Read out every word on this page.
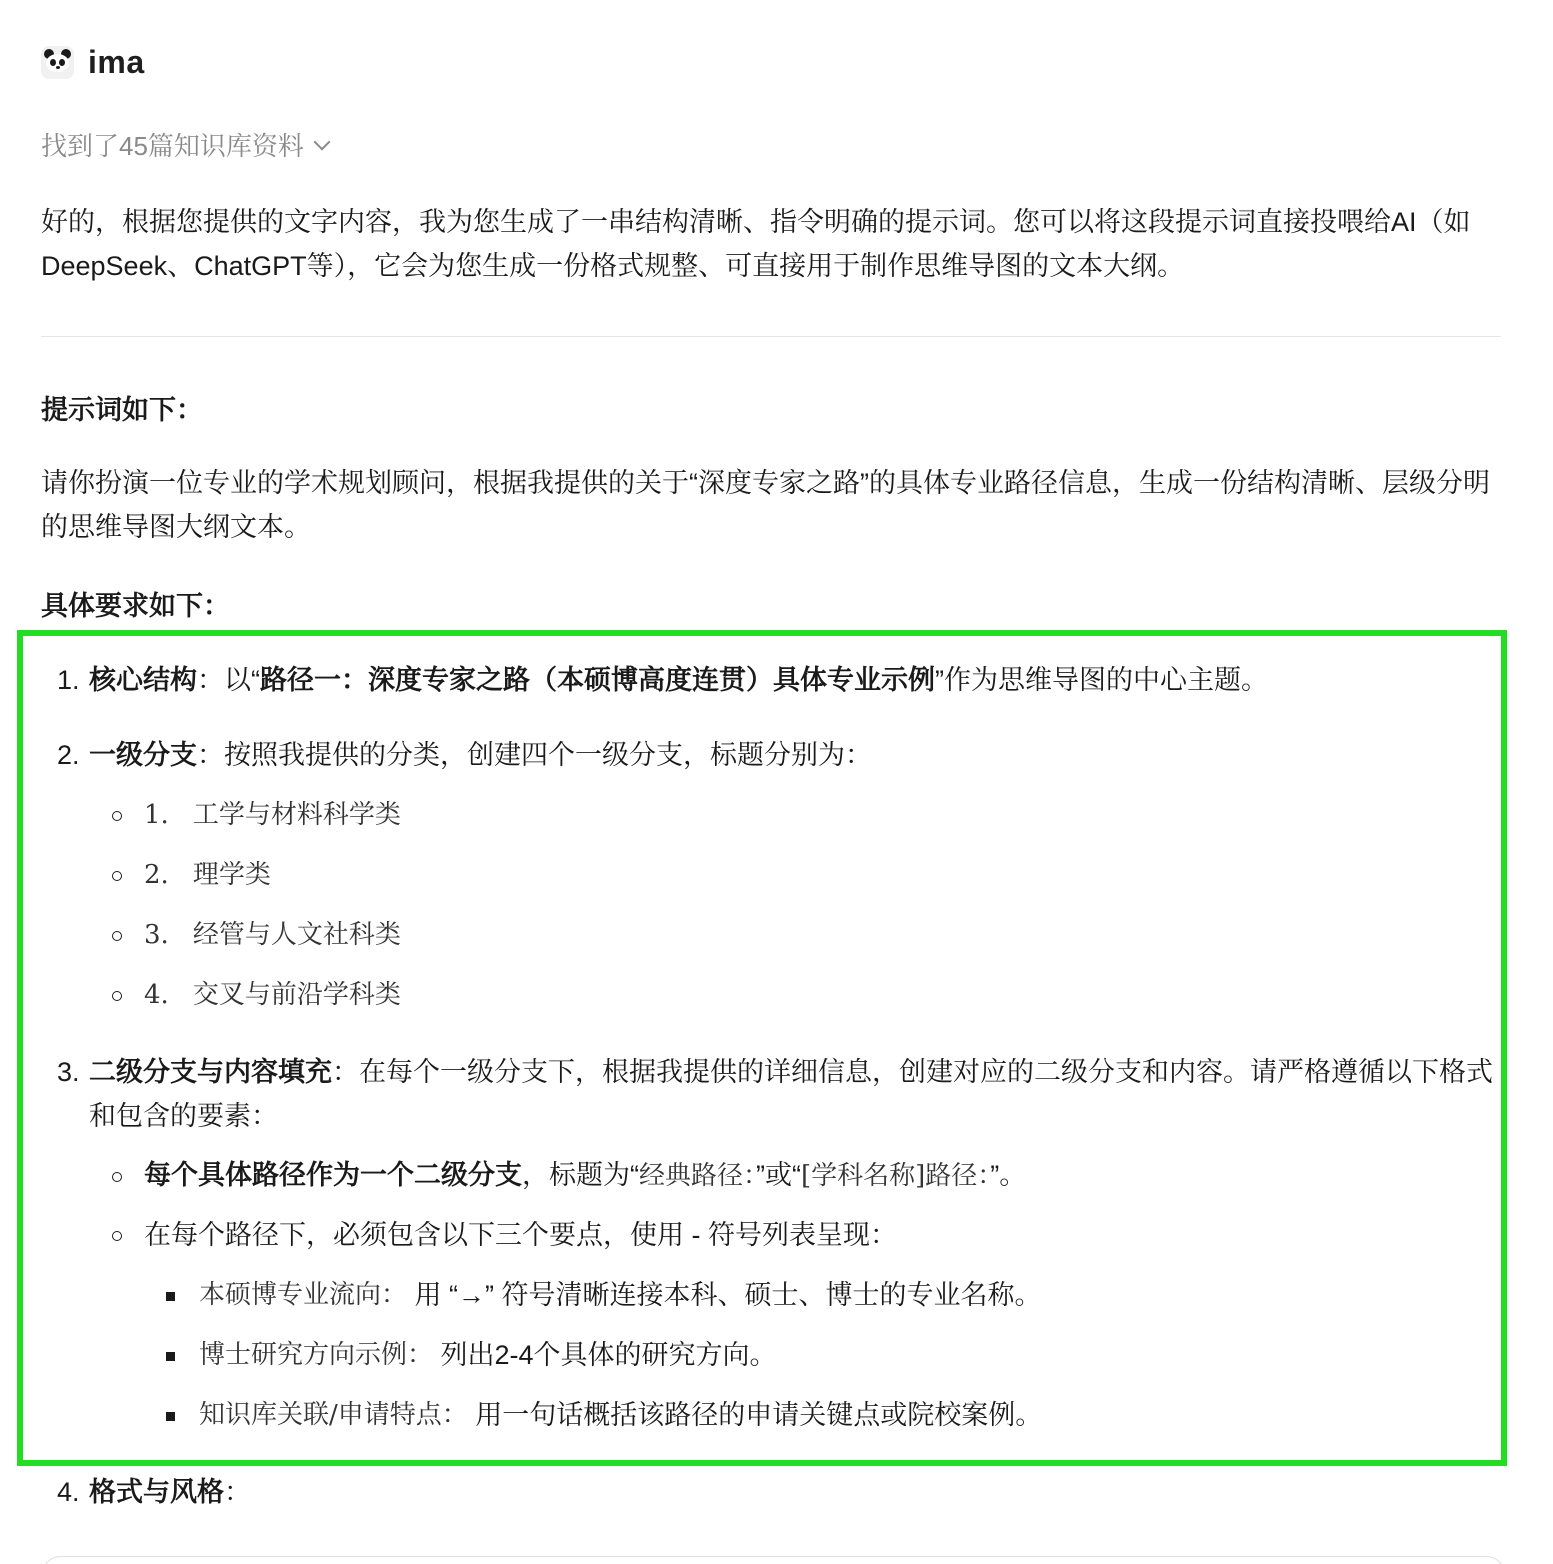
ima
找到了45篇知识库资料
好的，根据您提供的文字内容，我为您生成了一串结构清晰、指令明确的提示词。您可以将这段提示词直接投喂给AI（如DeepSeek、ChatGPT等），它会为您生成一份格式规整、可直接用于制作思维导图的文本大纲。
提示词如下：
请你扮演一位专业的学术规划顾问，根据我提供的关于“深度专家之路”的具体专业路径信息，生成一份结构清晰、层级分明的思维导图大纲文本。
具体要求如下：
1. 核心结构：以“路径一：深度专家之路（本硕博高度连贯）具体专业示例”作为思维导图的中心主题。
2. 一级分支：按照我提供的分类，创建四个一级分支，标题分别为：
1. 工学与材料科学类
2. 理学类
3. 经管与人文社科类
4. 交叉与前沿学科类
3. 二级分支与内容填充：在每个一级分支下，根据我提供的详细信息，创建对应的二级分支和内容。请严格遵循以下格式和包含的要素：
每个具体路径作为一个二级分支，标题为“经典路径：”或“[学科名称]路径：”。
在每个路径下，必须包含以下三个要点，使用 - 符号列表呈现：
本硕博专业流向： 用 “→” 符号清晰连接本科、硕士、博士的专业名称。
博士研究方向示例： 列出2-4个具体的研究方向。
知识库关联/申请特点： 用一句话概括该路径的申请关键点或院校案例。
4. 格式与风格：
